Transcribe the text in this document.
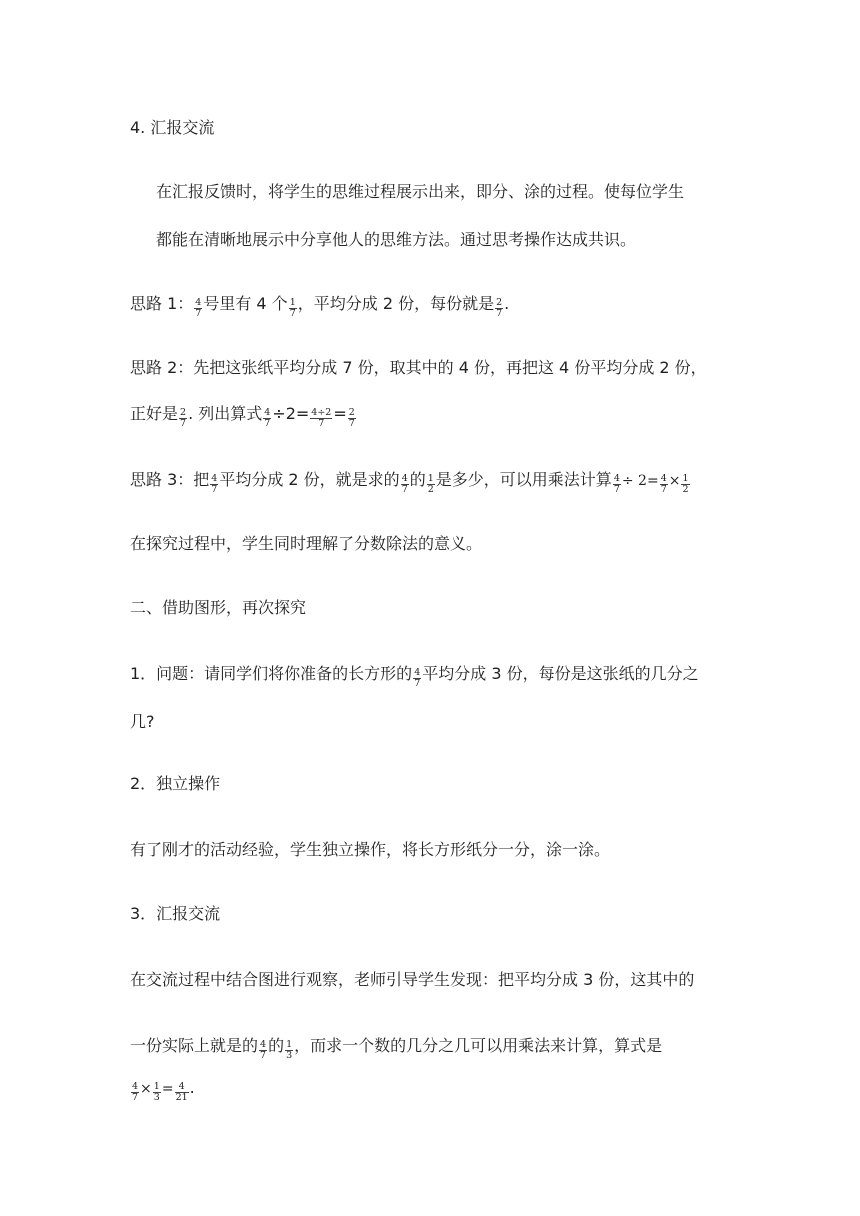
4. 汇报交流
在汇报反馈时，将学生的思维过程展示出来，即分、涂的过程。使每位学生
都能在清晰地展示中分享他人的思维方法。通过思考操作达成共识。
思路 1： $\frac{4}{7}$ 号里有 4 个 $\frac{1}{7}$ ，平均分成 2 份，每份就是 $\frac{2}{7}$ .
思路 2：先把这张纸平均分成 7 份，取其中的 4 份，再把这 4 份平均分成 2 份，
正好是 $\frac{2}{7}$ . 列出算式 $\frac{4}{7} \div 2= \frac{4\div 2}{7} = \frac{2}{7}$
思路 3：把 $\frac{4}{7}$ 平均分成 2 份，就是求的 $\frac{4}{7}$ 的 $\frac{1}{2}$ 是多少，可以用乘法计算 $\frac{4}{7} \div 2= \frac{4}{7} \times \frac{1}{2}$
在探究过程中，学生同时理解了分数除法的意义。
二、借助图形，再次探究
1．问题：请同学们将你准备的长方形的 $\frac{4}{7}$ 平均分成 3 份，每份是这张纸的几分之
几?
2．独立操作
有了刚才的活动经验，学生独立操作，将长方形纸分一分，涂一涂。
3．汇报交流
在交流过程中结合图进行观察，老师引导学生发现：把平均分成 3 份，这其中的
一份实际上就是的 $\frac{4}{7}$ 的 $\frac{1}{3}$ ，而求一个数的几分之几可以用乘法来计算，算式是
$\frac{4}{7} \times \frac{1}{3} = \frac{4}{21}$ .
